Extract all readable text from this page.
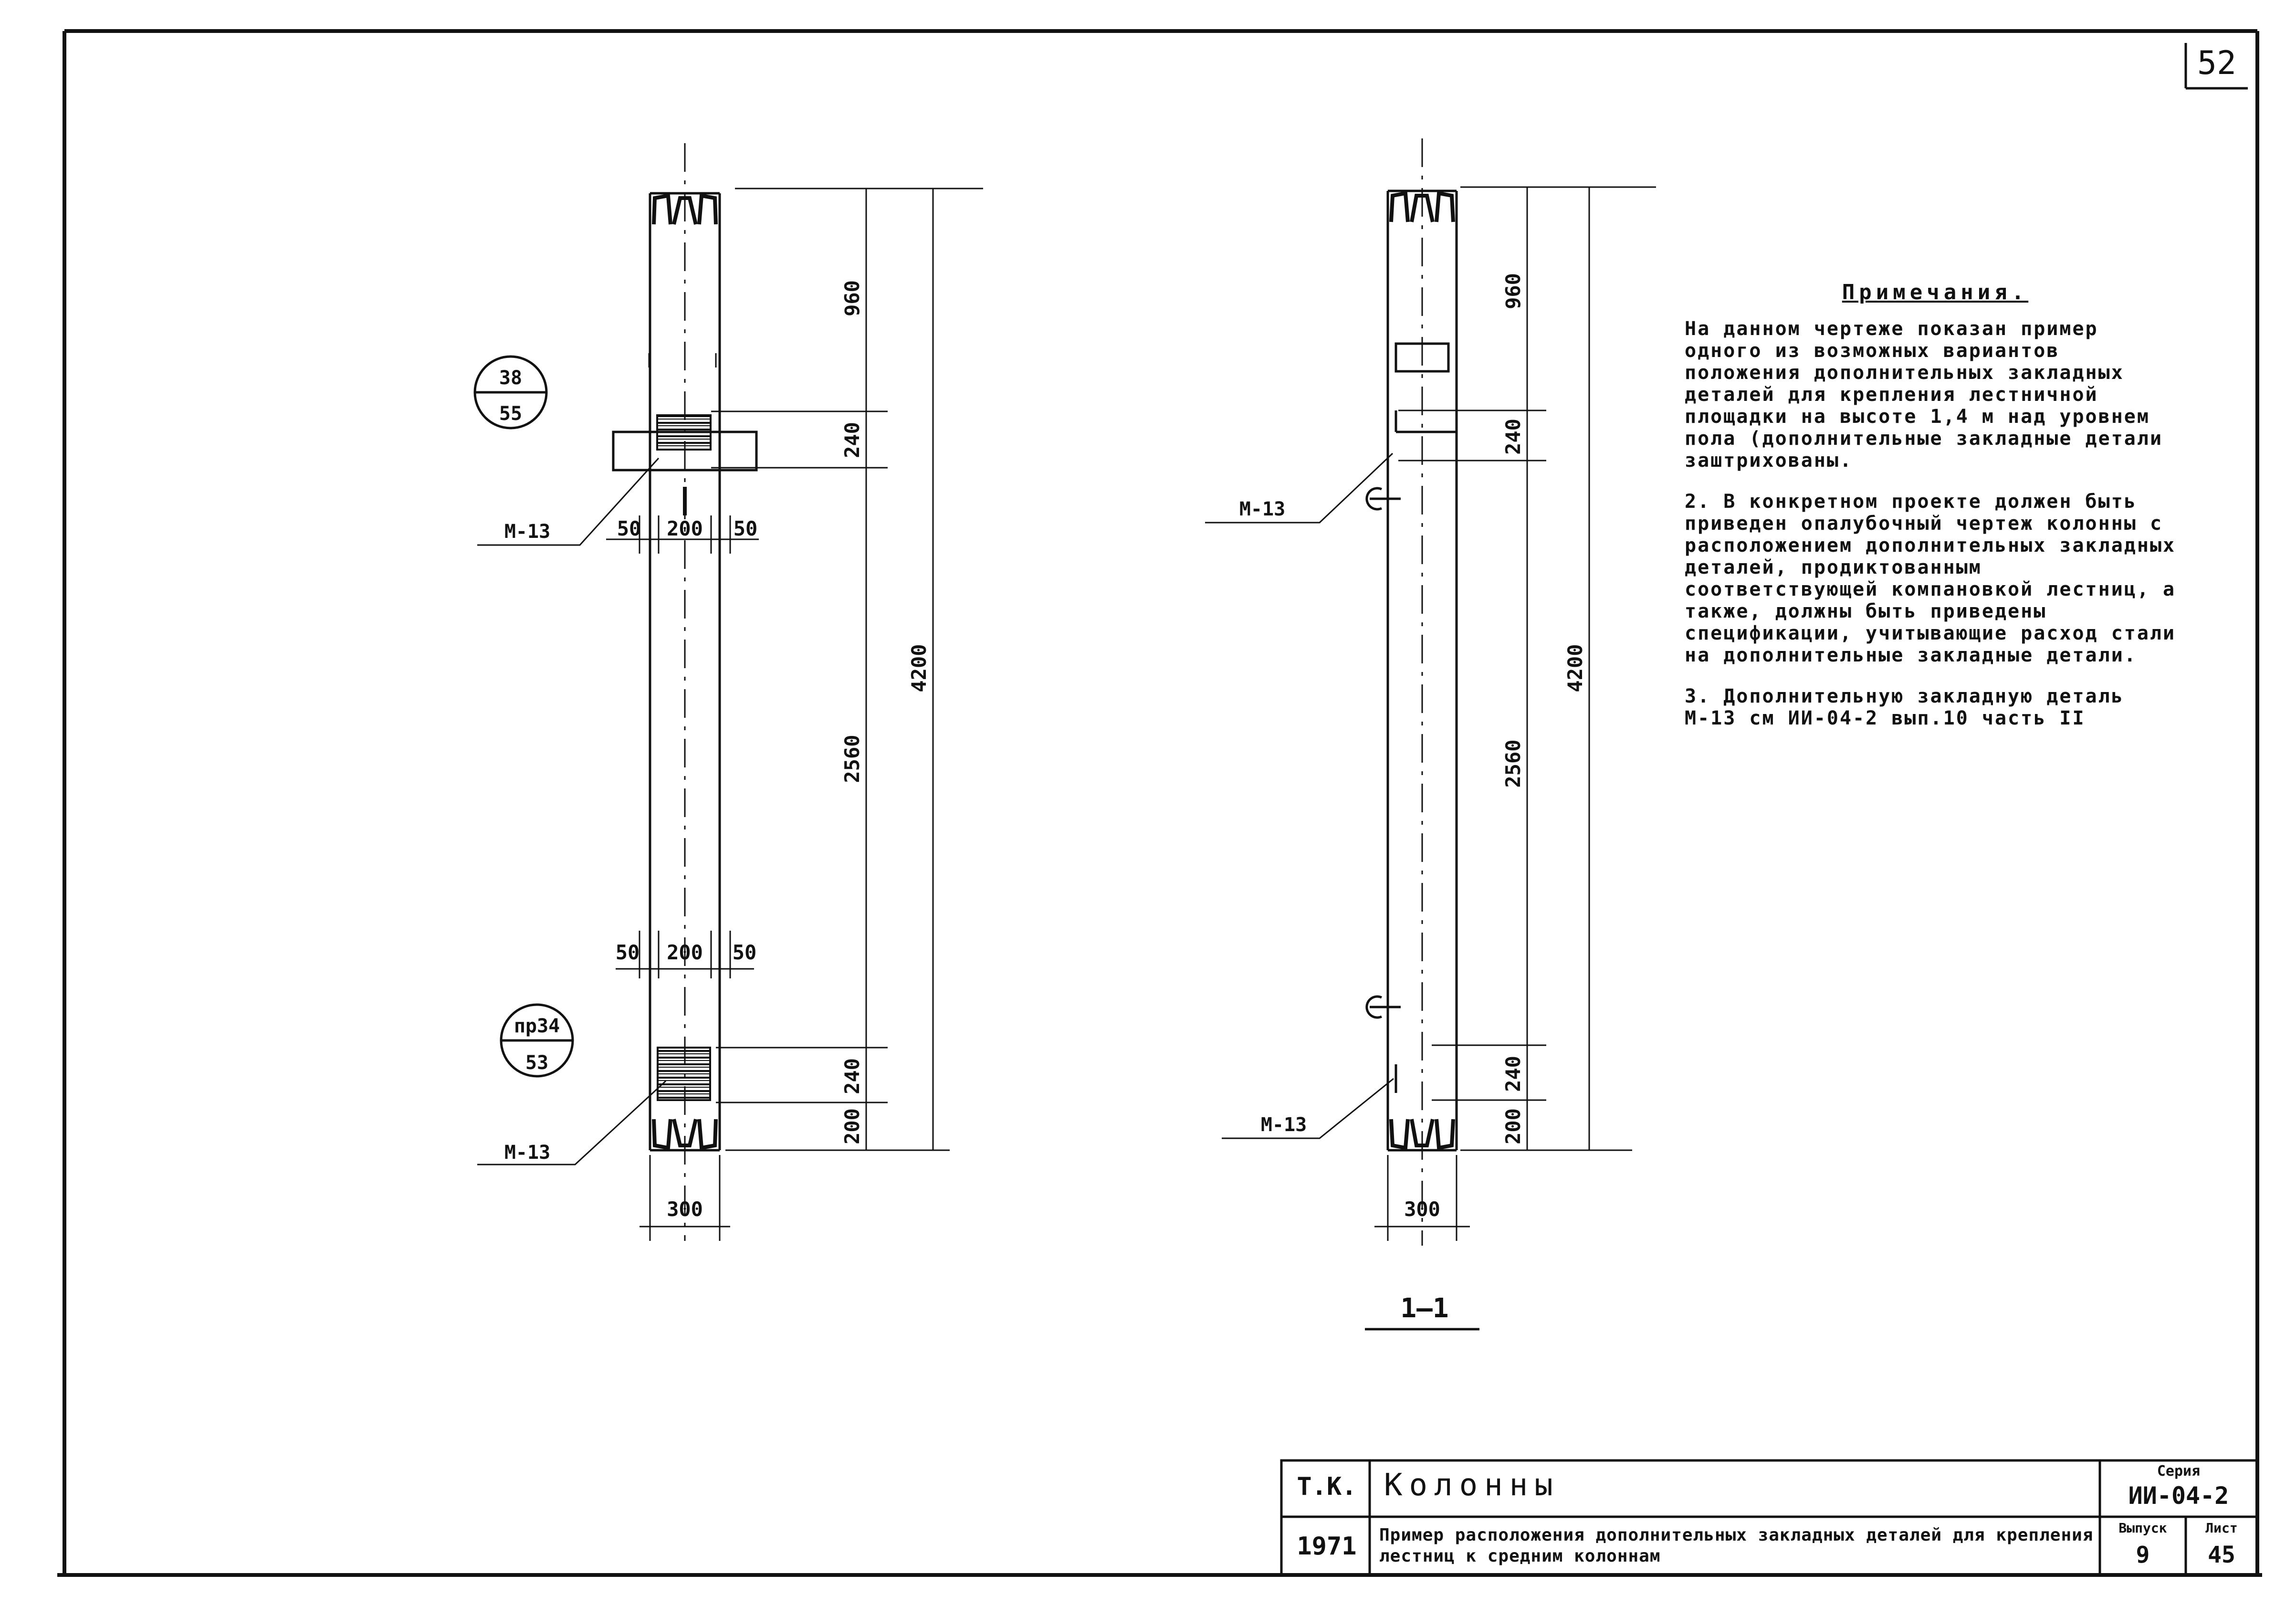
52
960
240
2560
4200
240
200
300
50 200 50
50 200 50
38
55
пр34
53
М-13
М-13
960
240
2560
4200
240
200
300
М-13
М-13
1—1
Примечания.
На данном чертеже показан пример одного из возможных вариантов положения дополнительных закладных деталей для крепления лестничной площадки на высоте 1,4 м над уровнем пола (дополнительные закладные детали заштрихованы.
2. В конкретном проекте должен быть приведен опалубочный чертеж колонны с расположением дополнительных закладных деталей, продиктованным соответствующей компановкой лестниц, а также, должны быть приведены спецификации, учитывающие расход стали на дополнительные закладные детали.
3. Дополнительную закладную деталь М-13 см ИИ-04-2 вып.10 часть II
Т.К. Колонны
1971	Пример расположения дополнительных закладных деталей для крепления лестниц к средним колоннам
Серия
ИИ-04-2
Выпуск
9
Лист
45
